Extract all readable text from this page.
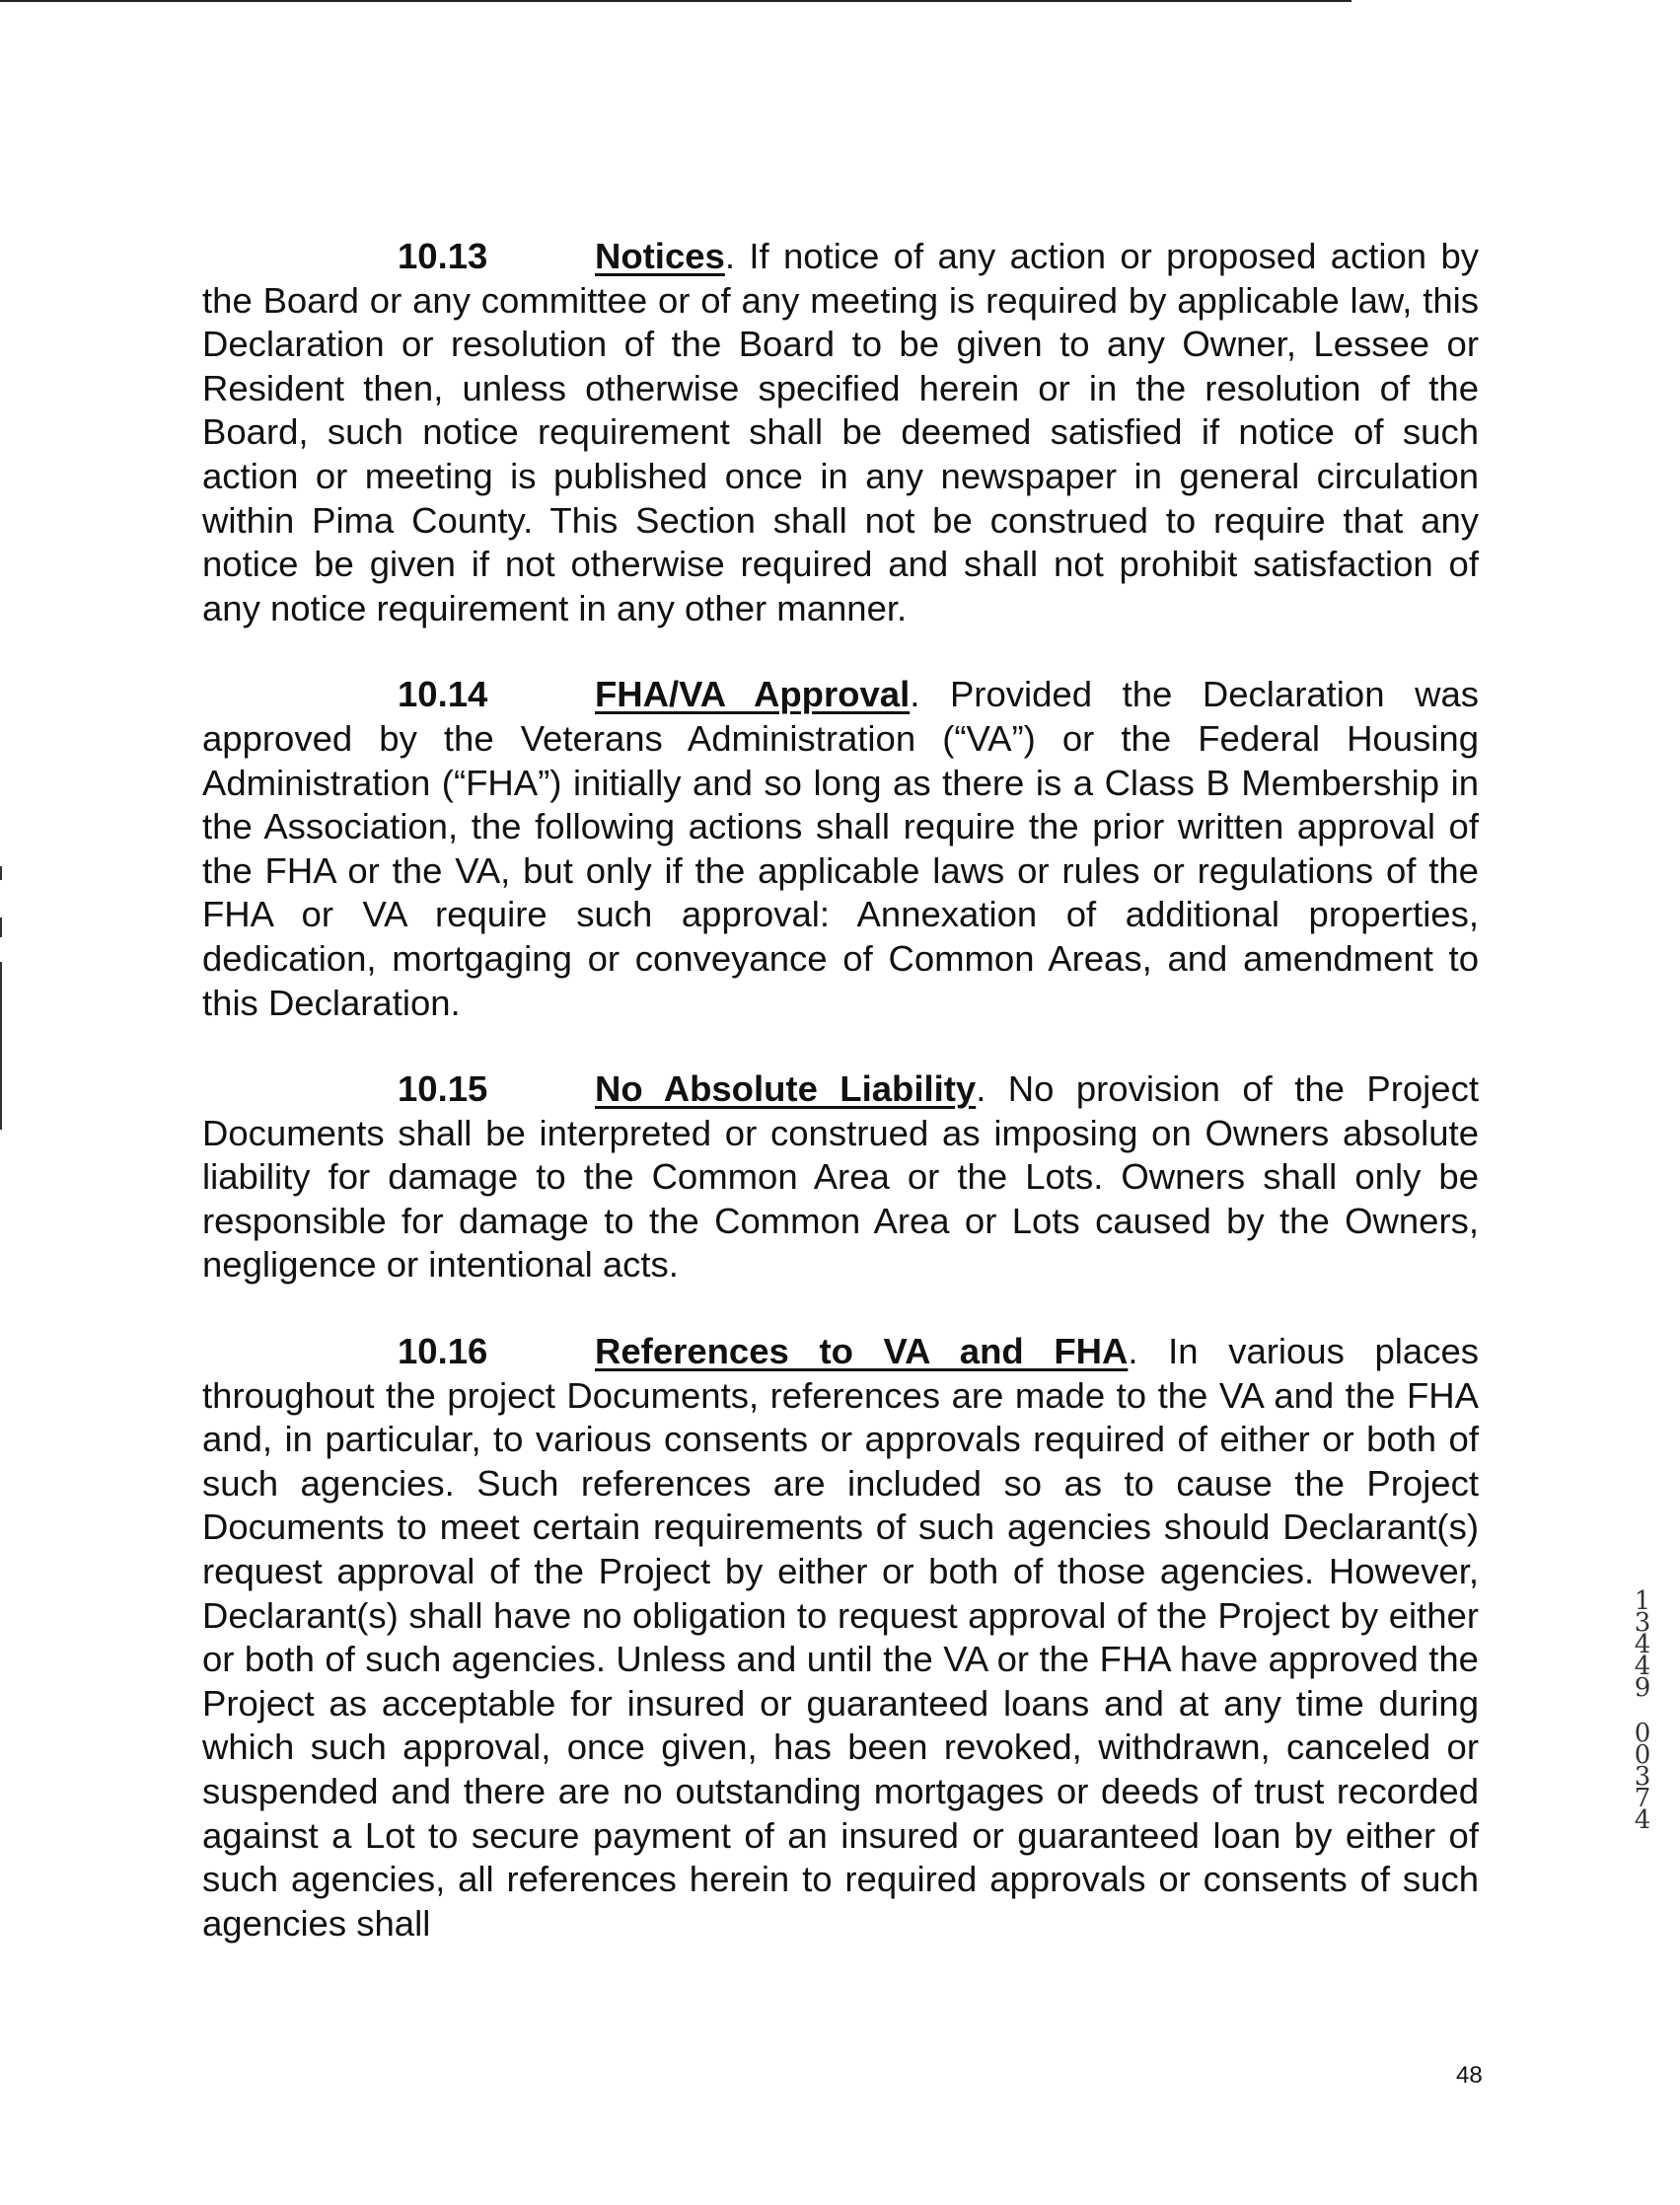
10.13	Notices. If notice of any action or proposed action by the Board or any committee or of any meeting is required by applicable law, this Declaration or resolution of the Board to be given to any Owner, Lessee or Resident then, unless otherwise specified herein or in the resolution of the Board, such notice requirement shall be deemed satisfied if notice of such action or meeting is published once in any newspaper in general circulation within Pima County. This Section shall not be construed to require that any notice be given if not otherwise required and shall not prohibit satisfaction of any notice requirement in any other manner.

10.14	FHA/VA Approval. Provided the Declaration was approved by the Veterans Administration (“VA”) or the Federal Housing Administration (“FHA”) initially and so long as there is a Class B Membership in the Association, the following actions shall require the prior written approval of the FHA or the VA, but only if the applicable laws or rules or regulations of the FHA or VA require such approval: Annexation of additional properties, dedication, mortgaging or conveyance of Common Areas, and amendment to this Declaration.

10.15	No Absolute Liability. No provision of the Project Documents shall be interpreted or construed as imposing on Owners absolute liability for damage to the Common Area or the Lots. Owners shall only be responsible for damage to the Common Area or Lots caused by the Owners, negligence or intentional acts.

10.16	References to VA and FHA. In various places throughout the project Documents, references are made to the VA and the FHA and, in particular, to various consents or approvals required of either or both of such agencies. Such references are included so as to cause the Project Documents to meet certain requirements of such agencies should Declarant(s) request approval of the Project by either or both of those agencies. However, Declarant(s) shall have no obligation to request approval of the Project by either or both of such agencies. Unless and until the VA or the FHA have approved the Project as acceptable for insured or guaranteed loans and at any time during which such approval, once given, has been revoked, withdrawn, canceled or suspended and there are no outstanding mortgages or deeds of trust recorded against a Lot to secure payment of an insured or guaranteed loan by either of such agencies, all references herein to required approvals or consents of such agencies shall

1
3
4
4
9
0
0
3
7
4
48
